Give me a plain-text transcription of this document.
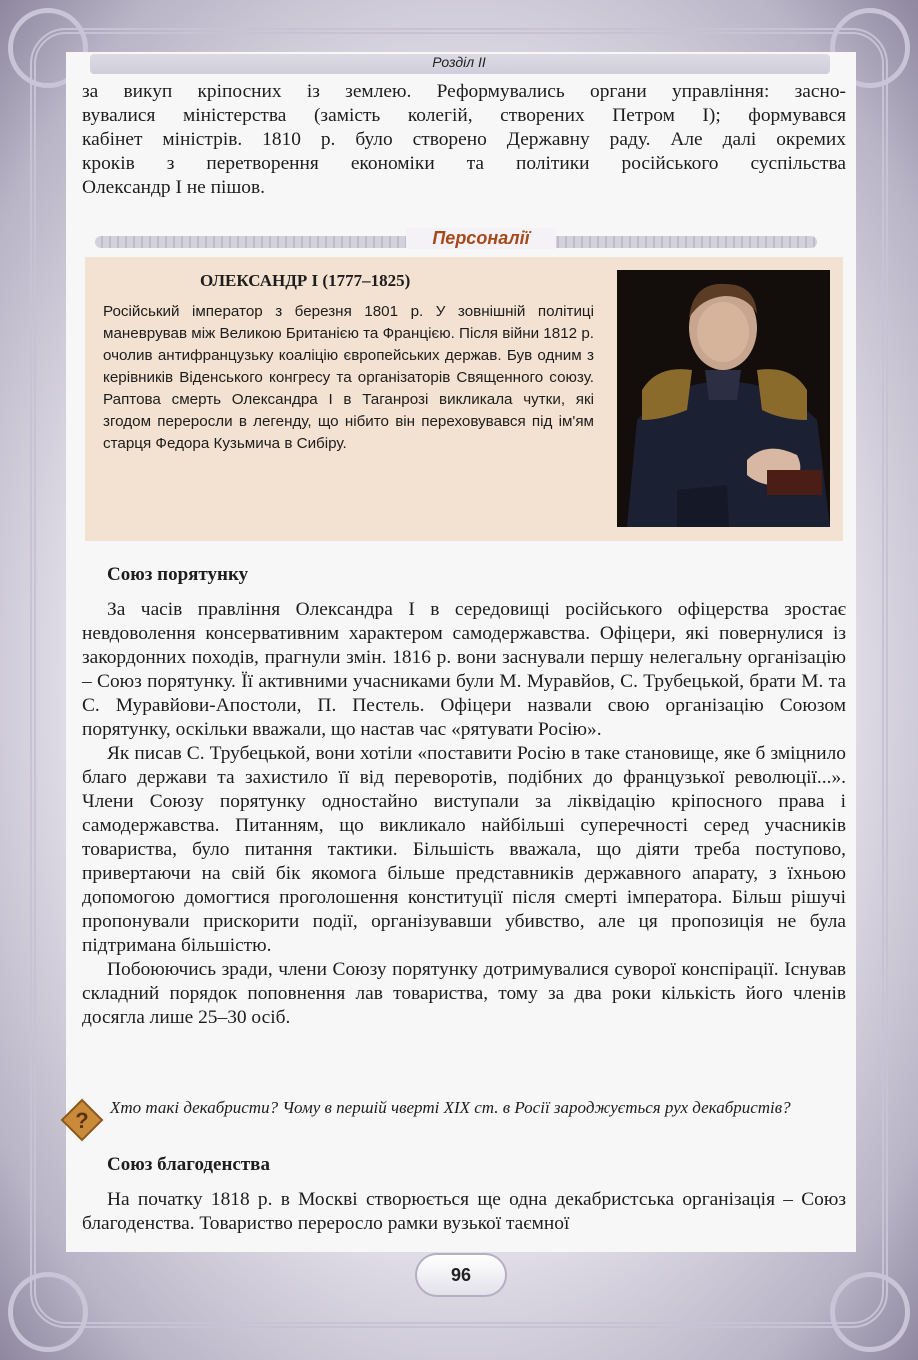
Розділ ІІ
за викуп кріпосних із землею. Реформувались органи управління: засно-
вувалися міністерства (замість колегій, створених Петром І); формувався
кабінет міністрів. 1810 р. було створено Державну раду. Але далі окремих
кроків з перетворення економіки та політики російського суспільства
Олександр І не пішов.
Персоналії
ОЛЕКСАНДР І (1777–1825)
Російський імператор з березня 1801 р. У зовнішній політиці маневрував між Великою Британією та Францією. Після війни 1812 р. очолив антифранцузьку коаліцію європейських держав. Був одним з керівників Віденського конгресу та організаторів Священного союзу. Раптова смерть Олександра І в Таганрозі викликала чутки, які згодом переросли в легенду, що нібито він переховувався під ім'ям старця Федора Кузьмича в Сибіру.
Союз порятунку

За часів правління Олександра І в середовищі російського офіцерства зростає невдоволення консервативним характером самодержавства. Офіцери, які повернулися із закордонних походів, прагнули змін. 1816 р. вони заснували першу нелегальну організацію – Союз порятунку. Її активними учасниками були М. Муравйов, С. Трубецькой, брати М. та С. Муравйови-Апостоли, П. Пестель. Офіцери назвали свою організацію Союзом порятунку, оскільки вважали, що настав час «рятувати Росію».

Як писав С. Трубецькой, вони хотіли «поставити Росію в таке становище, яке б зміцнило благо держави та захистило її від переворотів, подібних до французької революції...». Члени Союзу порятунку одностайно виступали за ліквідацію кріпосного права і самодержавства. Питанням, що викликало найбільші суперечності серед учасників товариства, було питання тактики. Більшість вважала, що діяти треба поступово, привертаючи на свій бік якомога більше представників державного апарату, з їхньою допомогою домогтися проголошення конституції після смерті імператора. Більш рішучі пропонували прискорити події, організувавши убивство, але ця пропозиція не була підтримана більшістю.

Побоюючись зради, члени Союзу порятунку дотримувалися суворої конспірації. Існував складний порядок поповнення лав товариства, тому за два роки кількість його членів досягла лише 25–30 осіб.

?
Хто такі декабристи? Чому в першій чверті ХІХ ст. в Росії зароджується рух декабристів?
Союз благоденства

На початку 1818 р. в Москві створюється ще одна декабристська організація – Союз благоденства. Товариство переросло рамки вузької таємної

96
